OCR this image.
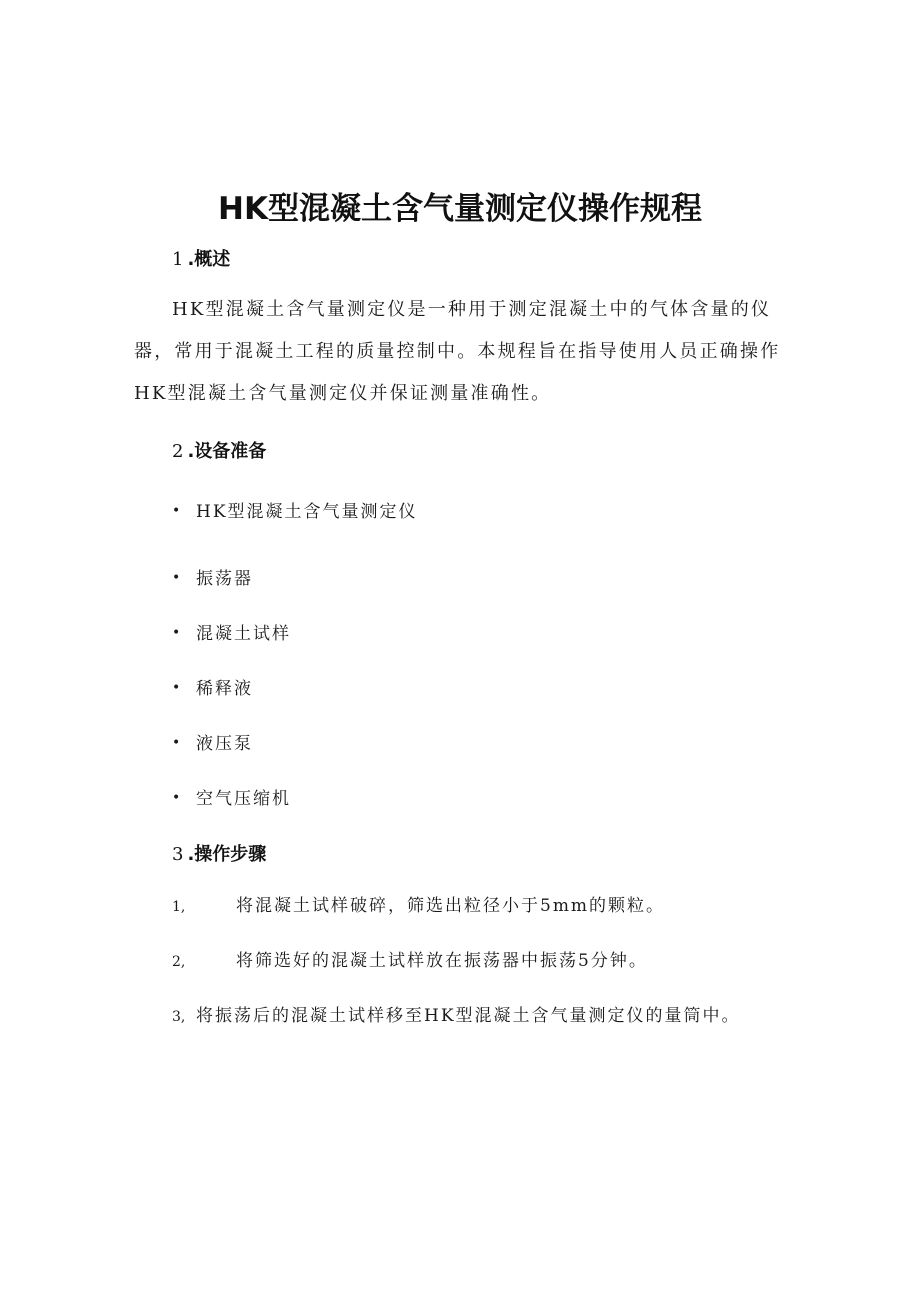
HK型混凝土含气量测定仪操作规程
1 .概述
HK型混凝土含气量测定仪是一种用于测定混凝土中的气体含量的仪
器，常用于混凝土工程的质量控制中。本规程旨在指导使用人员正确操作
HK型混凝土含气量测定仪并保证测量准确性。
2 .设备准备
• HK型混凝土含气量测定仪
• 振荡器
• 混凝土试样
• 稀释液
• 液压泵
• 空气压缩机
3 .操作步骤
1,	将混凝土试样破碎，筛选出粒径小于5mm的颗粒。
2,	将筛选好的混凝土试样放在振荡器中振荡5分钟。
3, 将振荡后的混凝土试样移至HK型混凝土含气量测定仪的量筒中。
